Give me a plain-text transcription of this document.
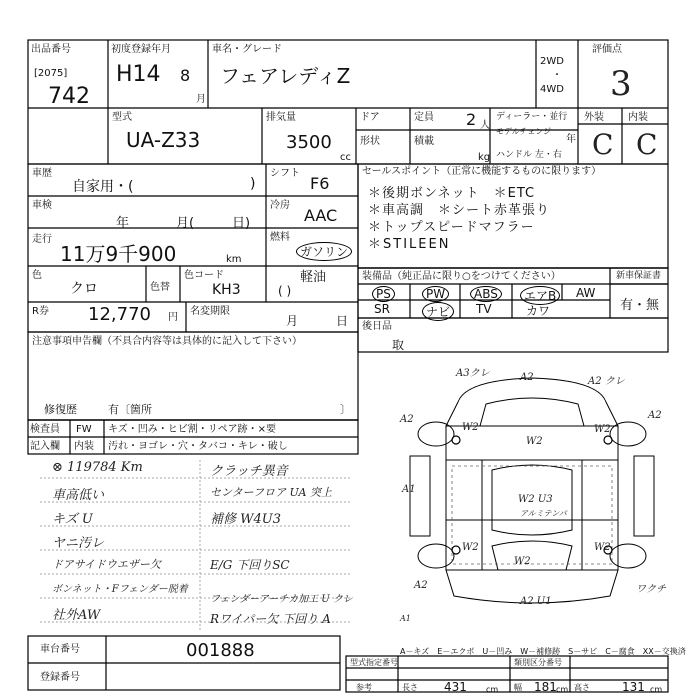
出品番号
[2075]
742
初度登録年月
H14 8
月
車名・グレード
フェアレディZ
2WD
・
4WD
評価点
3
型式
UA-Z33
排気量
3500
cc
ドア	定員 2 人
形状	積載
kg
ディーラー・並行
モデルチェンジ
年
ハンドル 左・右
外装 内装
C C
車歴
自家用・(	)
シフト
F6
車検
年	月(	日)
冷房
AAC
走行
11万9千900	km
燃料
ガソリン
軽油
( )
色
クロ	色替
色コード
KH3
R券 12,770 円
名変期限
月	日
セールスポイント（正常に機能するものに限ります）
＊後期ボンネット　＊ETC
＊車高調　＊シート赤革張り
＊トップスピードマフラー
＊STILEEN
装備品（純正品に限り○をつけてください）	新車保証書
有・無
PS	PW	ABS	エアB	AW
SR	ナビ	TV	カワ
後日品
取
注意事項申告欄（不具合内容等は具体的に記入して下さい）
修復歴	有〔箇所	〕
検査員
記入欄
FW
内装
キズ・凹み・ヒビ割・リペア跡・×要
汚れ・ヨゴレ・穴・タバコ・キレ・破し
⊗ 119784 Km
車高低い
キズ U
ヤニ汚レ
ドアサイドウエザー欠
ボンネット・Fフェンダー脱着
社外AW
クラッチ異音
センターフロア UA 突上
補修 W4U3
E/G 下回りSC
フェンダーアーチカ加工 U クレ
Rワイパー欠 下回り A
A3クレ	A2	A2 クレ
A2	A2
W2
W2
W2
W2 U3
アルミテンパ
W2	W2
W2
A2	ワクチ
A2 U1
A1
A1
A－キズ　E－エクボ　U－凹み　W－補修跡　S－サビ　C－腐食　XX－交換済
車台番号	001888
登録番号
型式指定番号	類別区分番号
参考	長さ 431 cm 幅 181 cm 高さ	131 cm
